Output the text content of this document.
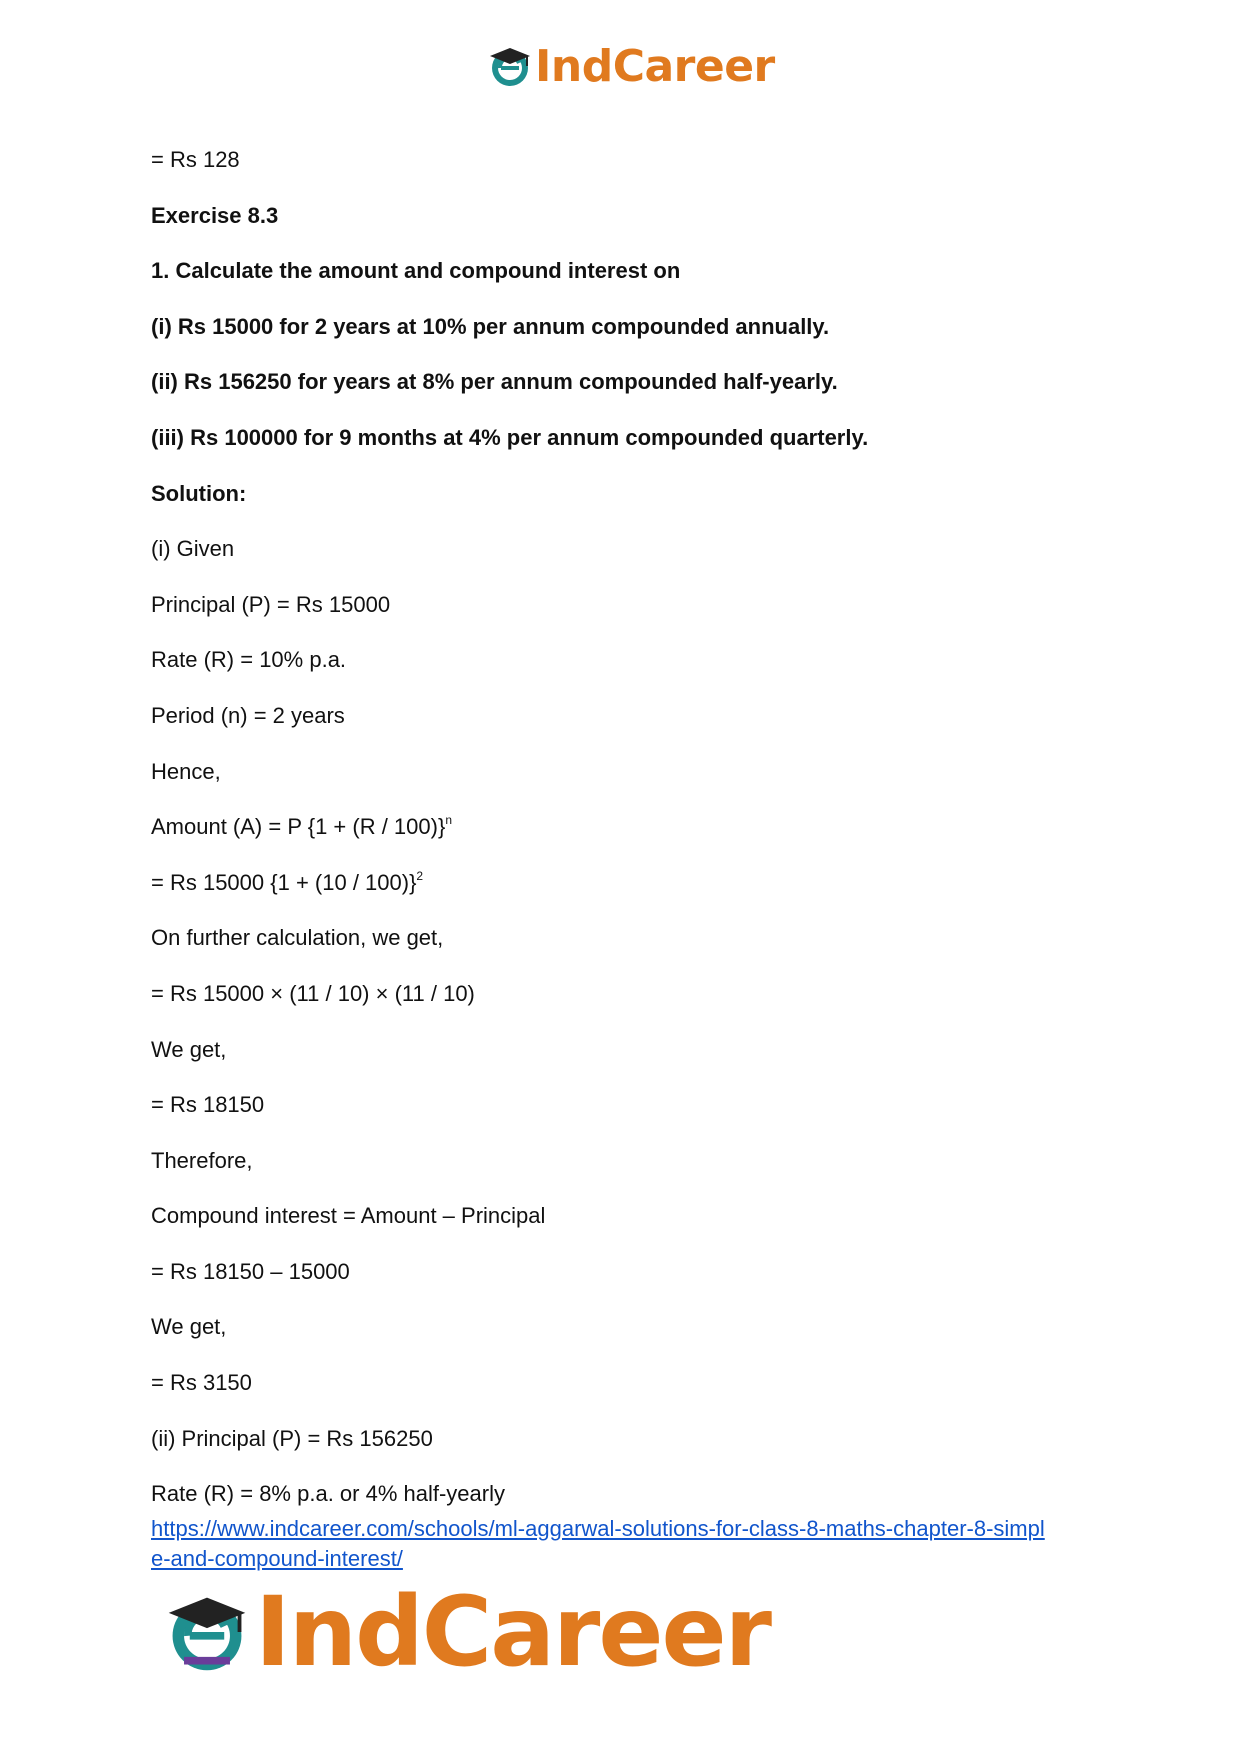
IndCareer
= Rs 128
Exercise 8.3
1. Calculate the amount and compound interest on
(i) Rs 15000 for 2 years at 10% per annum compounded annually.
(ii) Rs 156250 for years at 8% per annum compounded half-yearly.
(iii) Rs 100000 for 9 months at 4% per annum compounded quarterly.
Solution:
(i) Given
Principal (P) = Rs 15000
Rate (R) = 10% p.a.
Period (n) = 2 years
Hence,
Amount (A) = P $\{1 + (R / 100)\}^n$
= Rs 15000 $\{1 + (10 / 100)\}^2$
On further calculation, we get,
= Rs 15000 × (11 / 10) × (11 / 10)
We get,
= Rs 18150
Therefore,
Compound interest = Amount – Principal
= Rs 18150 – 15000
We get,
= Rs 3150
(ii) Principal (P) = Rs 156250
Rate (R) = 8% p.a. or 4% half-yearly
https://www.indcareer.com/schools/ml-aggarwal-solutions-for-class-8-maths-chapter-8-simpl
e-and-compound-interest/
IndCareer
